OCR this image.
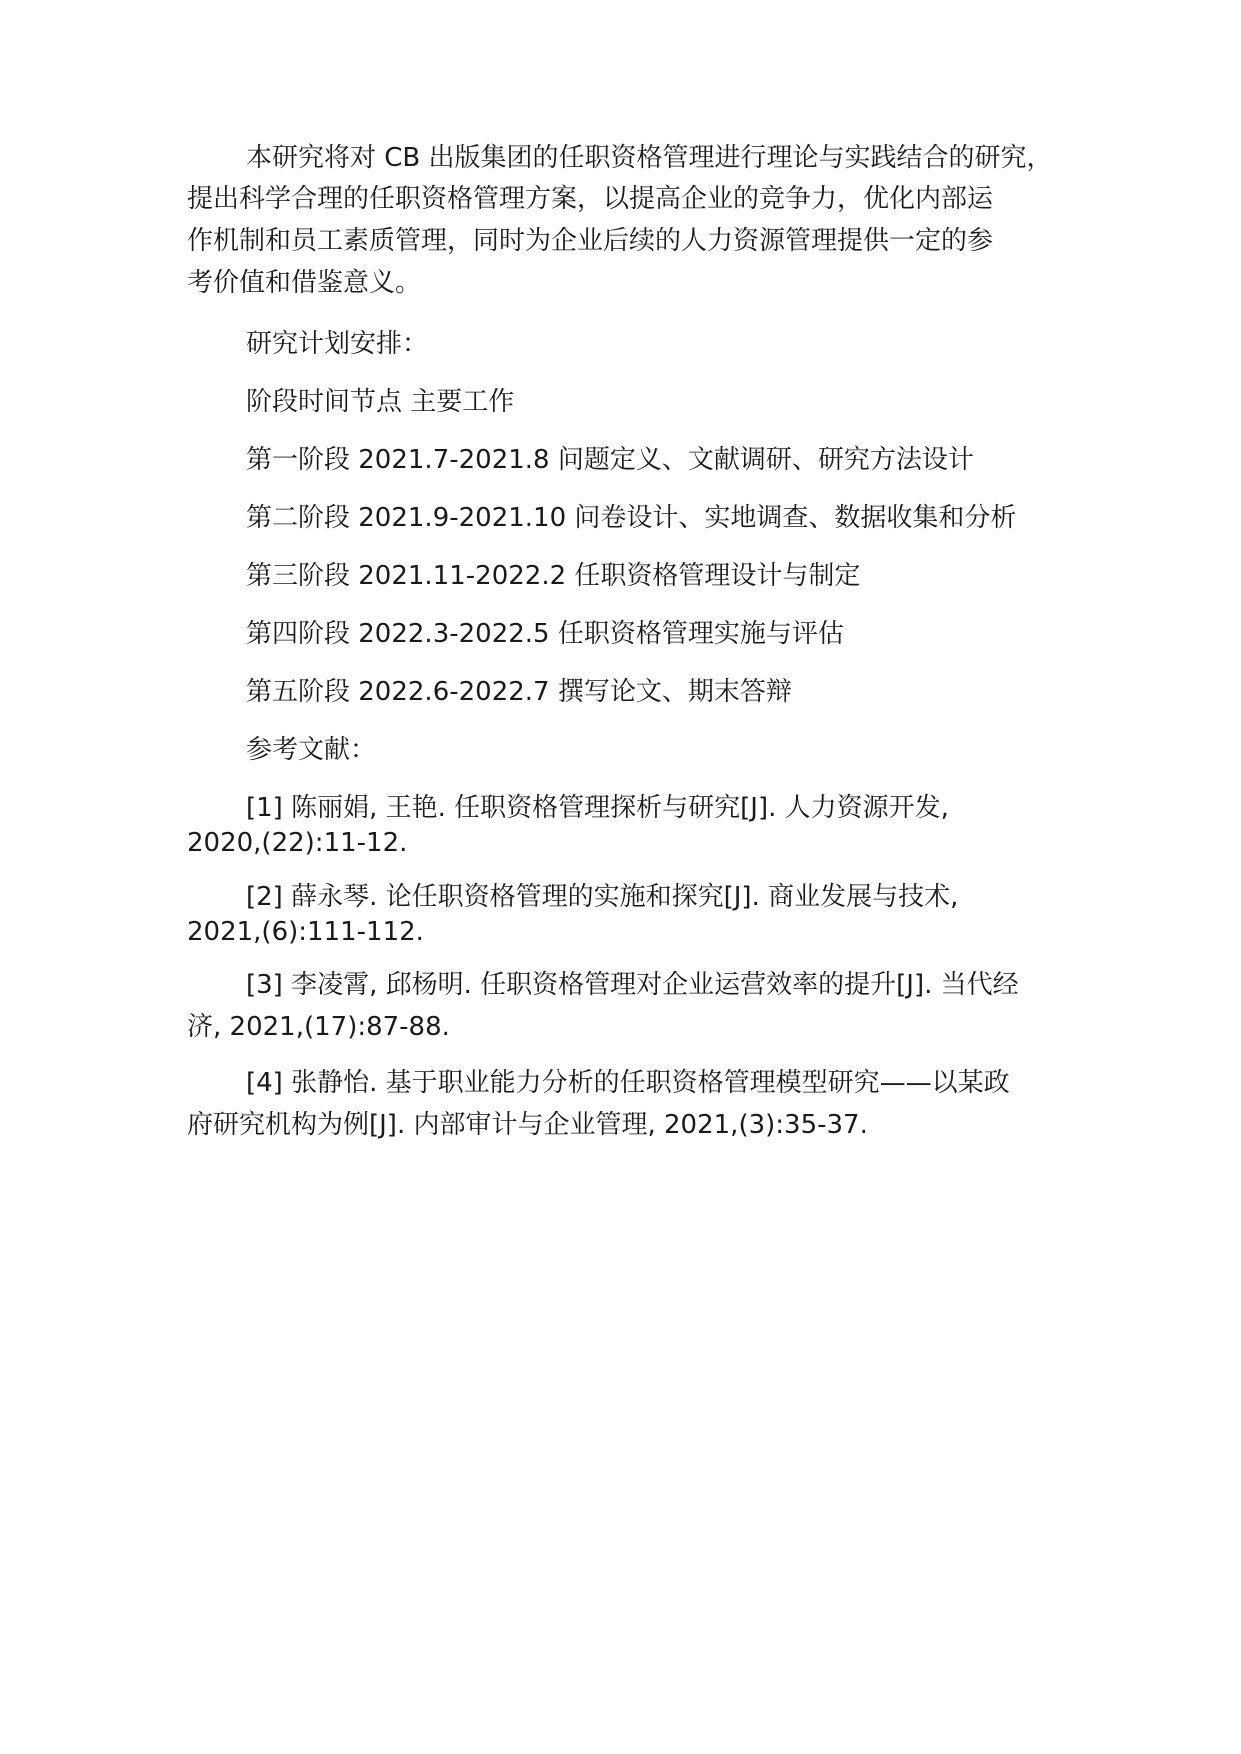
本研究将对 CB 出版集团的任职资格管理进行理论与实践结合的研究，
提出科学合理的任职资格管理方案，以提高企业的竞争力，优化内部运
作机制和员工素质管理，同时为企业后续的人力资源管理提供一定的参
考价值和借鉴意义。
研究计划安排：
阶段时间节点 主要工作
第一阶段 2021.7-2021.8 问题定义、文献调研、研究方法设计
第二阶段 2021.9-2021.10 问卷设计、实地调查、数据收集和分析
第三阶段 2021.11-2022.2 任职资格管理设计与制定
第四阶段 2022.3-2022.5 任职资格管理实施与评估
第五阶段 2022.6-2022.7 撰写论文、期末答辩
参考文献：
[1] 陈丽娟, 王艳. 任职资格管理探析与研究[J]. 人力资源开发,
2020,(22):11-12.
[2] 薛永琴. 论任职资格管理的实施和探究[J]. 商业发展与技术,
2021,(6):111-112.
[3] 李凌霄, 邱杨明. 任职资格管理对企业运营效率的提升[J]. 当代经
济, 2021,(17):87-88.
[4] 张静怡. 基于职业能力分析的任职资格管理模型研究——以某政
府研究机构为例[J]. 内部审计与企业管理, 2021,(3):35-37.
